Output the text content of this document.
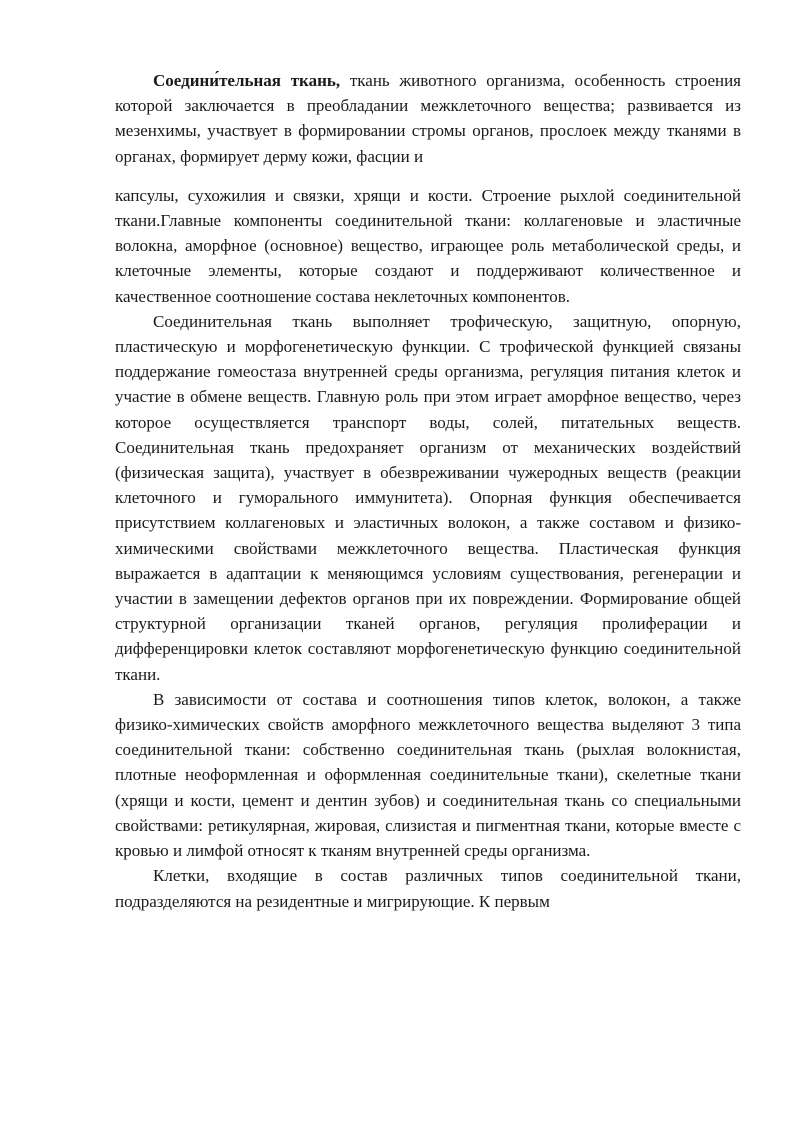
Соедини́тельная ткань, ткань животного организма, особенность строения которой заключается в преобладании межклеточного вещества; развивается из мезенхимы, участвует в формировании стромы органов, прослоек между тканями в органах, формирует дерму кожи, фасции и

капсулы, сухожилия и связки, хрящи и кости. Строение рыхлой соединительной ткани.Главные компоненты соединительной ткани: коллагеновые и эластичные волокна, аморфное (основное) вещество, играющее роль метаболической среды, и клеточные элементы, которые создают и поддерживают количественное и качественное соотношение состава неклеточных компонентов.

Соединительная ткань выполняет трофическую, защитную, опорную, пластическую и морфогенетическую функции. С трофической функцией связаны поддержание гомеостаза внутренней среды организма, регуляция питания клеток и участие в обмене веществ. Главную роль при этом играет аморфное вещество, через которое осуществляется транспорт воды, солей, питательных веществ. Соединительная ткань предохраняет организм от механических воздействий (физическая защита), участвует в обезвреживании чужеродных веществ (реакции клеточного и гуморального иммунитета). Опорная функция обеспечивается присутствием коллагеновых и эластичных волокон, а также составом и физико-химическими свойствами межклеточного вещества. Пластическая функция выражается в адаптации к меняющимся условиям существования, регенерации и участии в замещении дефектов органов при их повреждении. Формирование общей структурной организации тканей органов, регуляция пролиферации и дифференцировки клеток составляют морфогенетическую функцию соединительной ткани.

В зависимости от состава и соотношения типов клеток, волокон, а также физико-химических свойств аморфного межклеточного вещества выделяют 3 типа соединительной ткани: собственно соединительная ткань (рыхлая волокнистая, плотные неоформленная и оформленная соединительные ткани), скелетные ткани (хрящи и кости, цемент и дентин зубов) и соединительная ткань со специальными свойствами: ретикулярная, жировая, слизистая и пигментная ткани, которые вместе с кровью и лимфой относят к тканям внутренней среды организма.

Клетки, входящие в состав различных типов соединительной ткани, подразделяются на резидентные и мигрирующие. К первым
